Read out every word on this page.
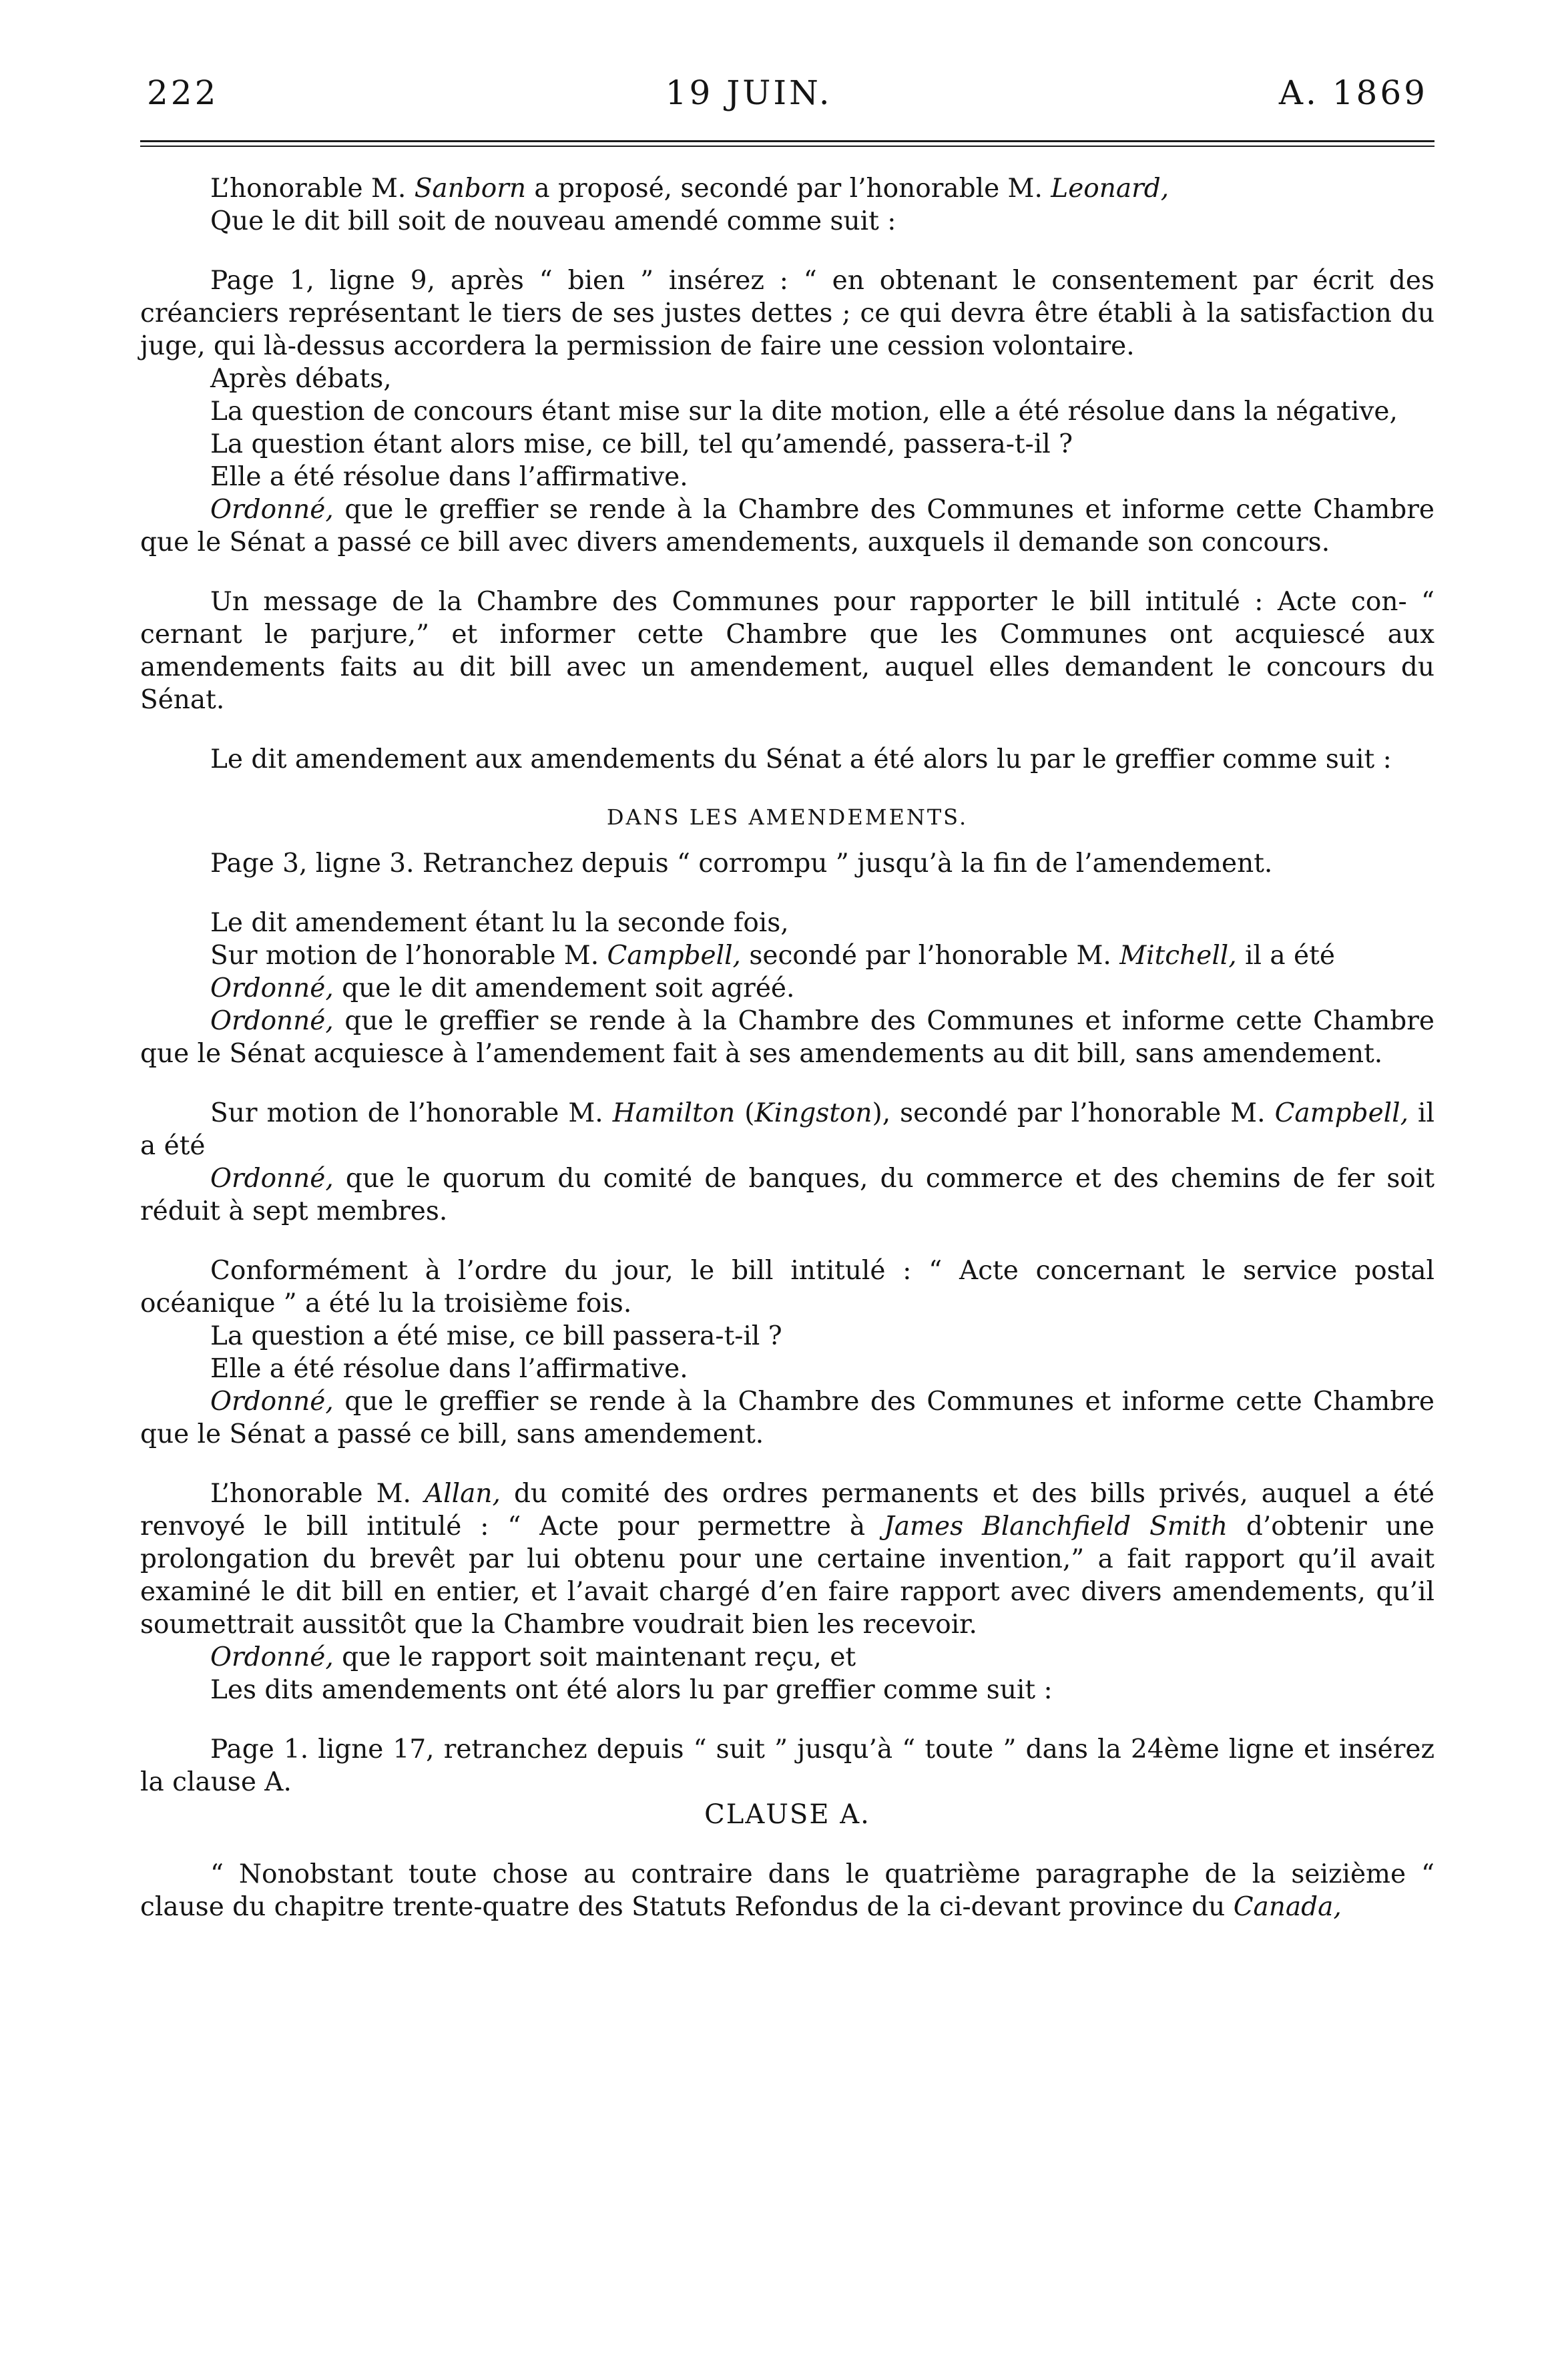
222	19 JUIN.	A. 1869

L’honorable M. Sanborn a proposé, secondé par l’honorable M. Leonard,

Que le dit bill soit de nouveau amendé comme suit :

Page 1, ligne 9, après “ bien ” insérez : “ en obtenant le consentement par écrit des créanciers représentant le tiers de ses justes dettes ; ce qui devra être établi à la satisfaction du juge, qui là-dessus accordera la permission de faire une cession volontaire.

Après débats,

La question de concours étant mise sur la dite motion, elle a été résolue dans la négative,

La question étant alors mise, ce bill, tel qu’amendé, passera-t-il ?

Elle a été résolue dans l’affirmative.

Ordonné, que le greffier se rende à la Chambre des Communes et informe cette Chambre que le Sénat a passé ce bill avec divers amendements, auxquels il demande son concours.

Un message de la Chambre des Communes pour rapporter le bill intitulé : Acte con- “ cernant le parjure,” et informer cette Chambre que les Communes ont acquiescé aux amendements faits au dit bill avec un amendement, auquel elles demandent le concours du Sénat.

Le dit amendement aux amendements du Sénat a été alors lu par le greffier comme suit :

DANS LES AMENDEMENTS.

Page 3, ligne 3. Retranchez depuis “ corrompu ” jusqu’à la fin de l’amendement.

Le dit amendement étant lu la seconde fois,

Sur motion de l’honorable M. Campbell, secondé par l’honorable M. Mitchell, il a été

Ordonné, que le dit amendement soit agréé.

Ordonné, que le greffier se rende à la Chambre des Communes et informe cette Chambre que le Sénat acquiesce à l’amendement fait à ses amendements au dit bill, sans amendement.

Sur motion de l’honorable M. Hamilton (Kingston), secondé par l’honorable M. Campbell, il a été

Ordonné, que le quorum du comité de banques, du commerce et des chemins de fer soit réduit à sept membres.

Conformément à l’ordre du jour, le bill intitulé : “ Acte concernant le service postal océanique ” a été lu la troisième fois.

La question a été mise, ce bill passera-t-il ?

Elle a été résolue dans l’affirmative.

Ordonné, que le greffier se rende à la Chambre des Communes et informe cette Chambre que le Sénat a passé ce bill, sans amendement.

L’honorable M. Allan, du comité des ordres permanents et des bills privés, auquel a été renvoyé le bill intitulé : “ Acte pour permettre à James Blanchfield Smith d’obtenir une prolongation du brevêt par lui obtenu pour une certaine invention,” a fait rapport qu’il avait examiné le dit bill en entier, et l’avait chargé d’en faire rapport avec divers amendements, qu’il soumettrait aussitôt que la Chambre voudrait bien les recevoir.

Ordonné, que le rapport soit maintenant reçu, et

Les dits amendements ont été alors lu par greffier comme suit :

Page 1. ligne 17, retranchez depuis “ suit ” jusqu’à “ toute ” dans la 24ème ligne et insérez la clause A.

CLAUSE A.

“ Nonobstant toute chose au contraire dans le quatrième paragraphe de la seizième “ clause du chapitre trente-quatre des Statuts Refondus de la ci-devant province du Canada,
